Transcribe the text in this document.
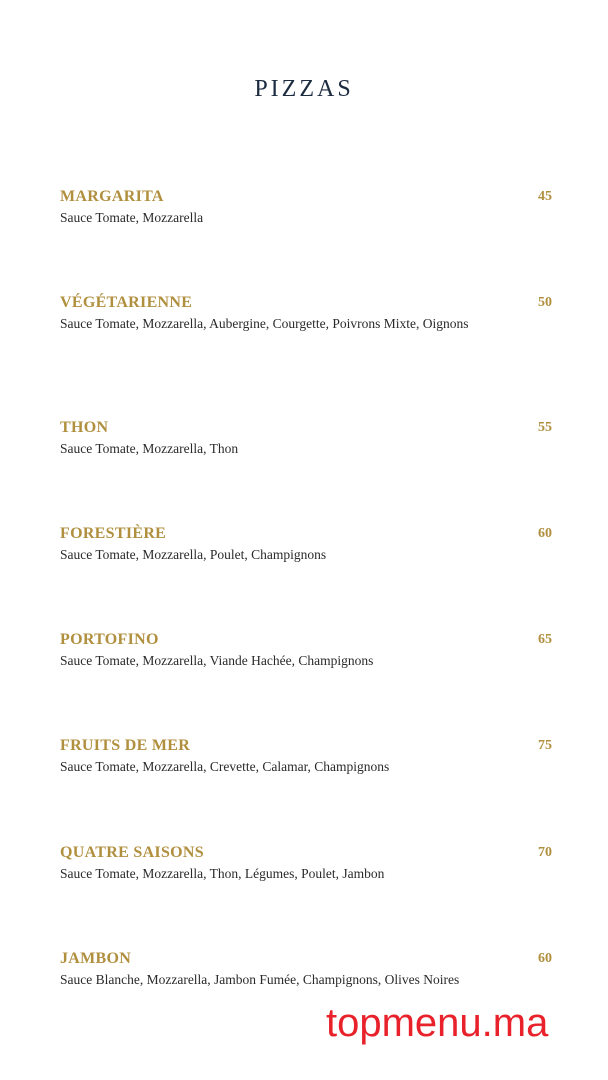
PIZZAS
MARGARITA	45
Sauce Tomate, Mozzarella
VÉGÉTARIENNE	50
Sauce Tomate, Mozzarella, Aubergine, Courgette, Poivrons Mixte, Oignons
THON	55
Sauce Tomate, Mozzarella, Thon
FORESTIÈRE	60
Sauce Tomate, Mozzarella, Poulet, Champignons
PORTOFINO	65
Sauce Tomate, Mozzarella, Viande Hachée, Champignons
FRUITS DE MER	75
Sauce Tomate, Mozzarella, Crevette, Calamar, Champignons
QUATRE SAISONS	70
Sauce Tomate, Mozzarella, Thon, Légumes, Poulet, Jambon
JAMBON	60
Sauce Blanche, Mozzarella, Jambon Fumée, Champignons, Olives Noires
topmenu.ma
